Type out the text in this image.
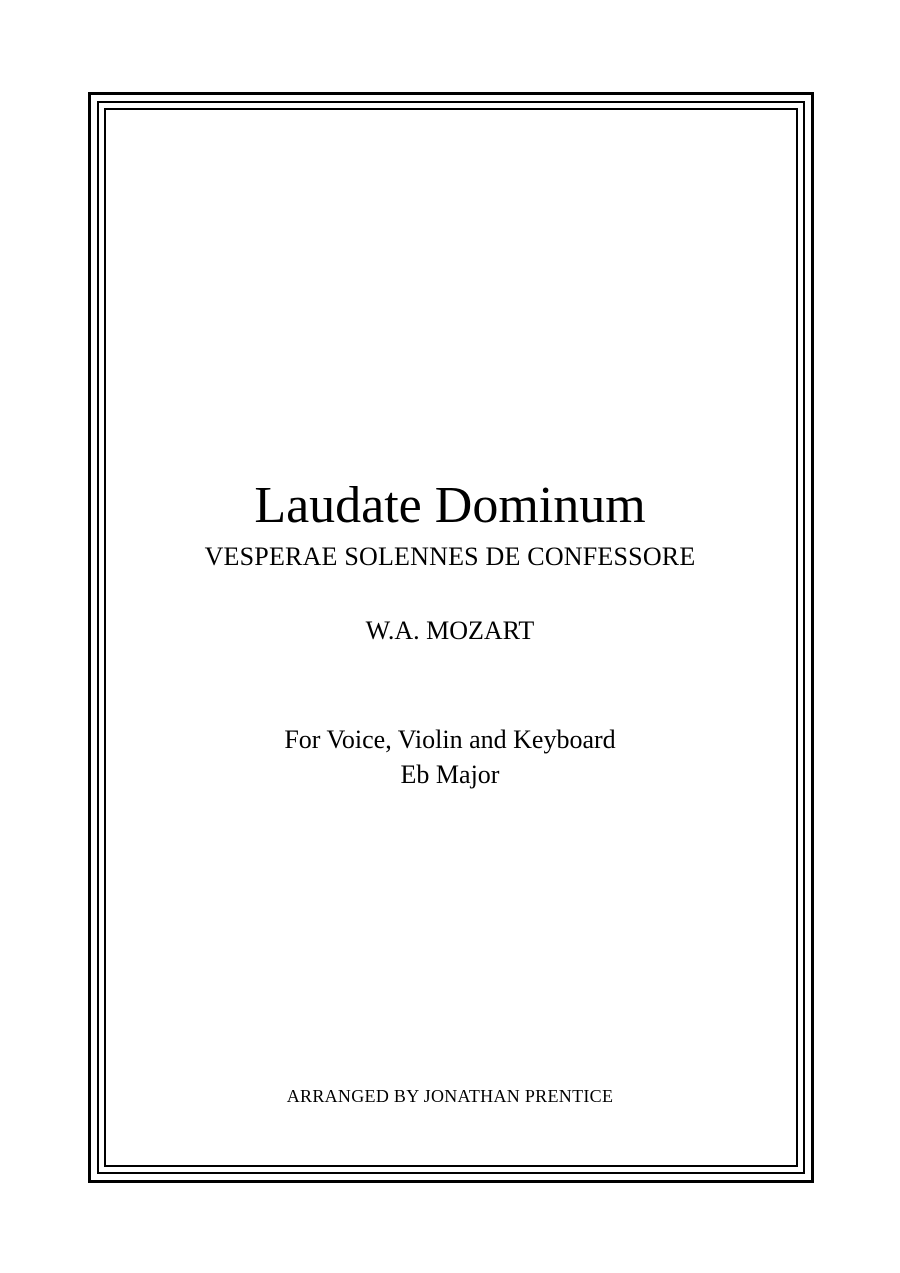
Laudate Dominum
VESPERAE SOLENNES DE CONFESSORE
W.A. MOZART
For Voice, Violin and Keyboard
Eb Major
ARRANGED BY JONATHAN PRENTICE
